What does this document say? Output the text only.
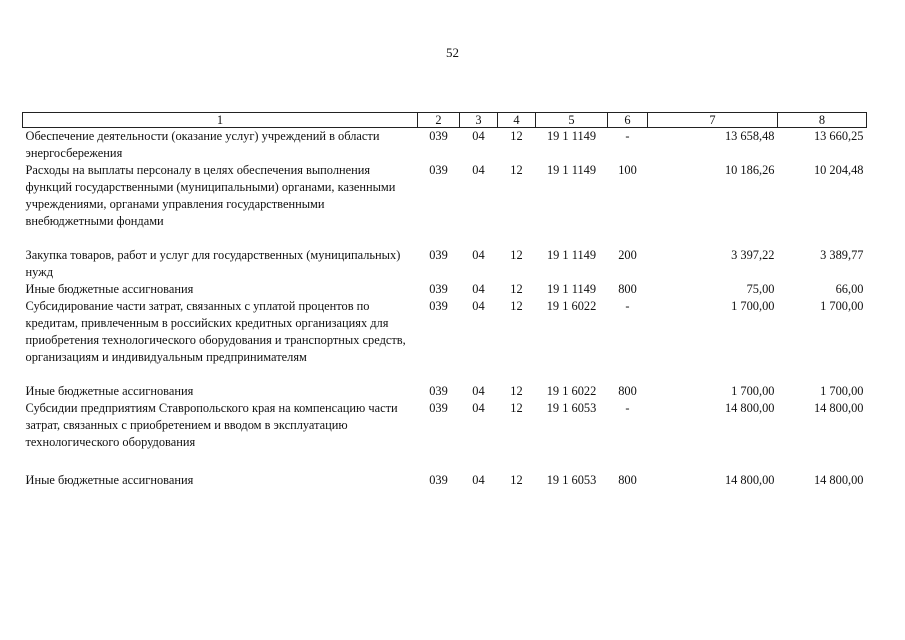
52
1	2	3	4	5	6	7	8
Обеспечение деятельности (оказание услуг) учреждений в области энергосбережения	039	04	12	19 1 1149	-	13 658,48	13 660,25
Расходы на выплаты персоналу в целях обеспечения выполнения функций государственными (муниципальными) органами, казенными учреждениями, органами управления государственными внебюджетными фондами	039	04	12	19 1 1149	100	10 186,26	10 204,48
Закупка товаров, работ и услуг для государственных (муниципальных) нужд	039	04	12	19 1 1149	200	3 397,22	3 389,77
Иные бюджетные ассигнования	039	04	12	19 1 1149	800	75,00	66,00
Субсидирование части затрат, связанных с уплатой процентов по кредитам, привлеченным в российских кредитных организациях для приобретения технологического оборудования и транспортных средств, организациям и индивидуальным предпринимателям	039	04	12	19 1 6022	-	1 700,00	1 700,00
Иные бюджетные ассигнования	039	04	12	19 1 6022	800	1 700,00	1 700,00
Субсидии предприятиям Ставропольского края на компенсацию части затрат, связанных с приобретением и вводом в эксплуатацию технологического оборудования	039	04	12	19 1 6053	-	14 800,00	14 800,00
Иные бюджетные ассигнования	039	04	12	19 1 6053	800	14 800,00	14 800,00
